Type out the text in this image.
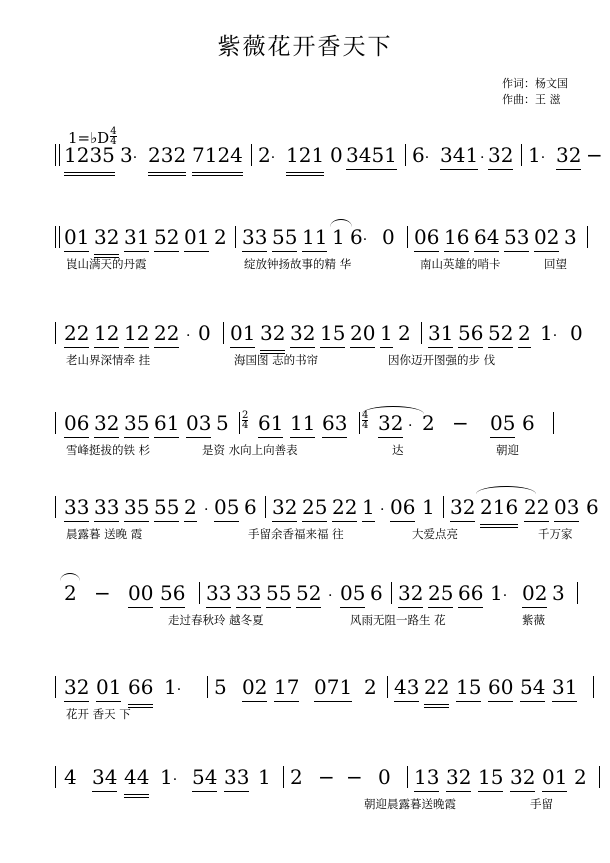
紫薇花开香天下
作词：杨文国
作曲：王 滋
1=♭D $\frac{4}{4}$
1235 3· 232 7124 2· 121 0 3451 6· 341 · 32 1· 32 −
01 32 31 52 01 2 33 55 11 1 6· 0 06 16 64 53 02 3
崀山满天的丹霞	绽放钟扬故事的精 华	南山英雄的哨卡	回望
22 12 12 22 · 0 01 32 32 15 20 1 2 31 56 52 2 1· 0
老山界深情牵 挂	海国图 志的书帘	因你迈开图强的步 伐
06 32 35 61 03 $5 \frac{2}{4} 61$ 11 $63 \frac{4}{4} 32 \cdot 2 - 05$ 6
雪峰挺拔的铁 杉	是资 水向上向善表	达	朝迎
33 33 35 55 2 · 05 6 32 25 22 1 · 06 1 32 216 22 03 6
晨露暮 送晚 霞	手留余香福来福 往	大爱点亮	千万家
2 − 00 56 33 33 55 52 · 05 6 32 25 66 1· 02 3
走过春秋玲 越冬夏	风雨无阻一路生 花	紫薇
32 01 66 1· 5 02 17 071 2 43 22 15 60 54 31
花开 香天 下
4 34 44 1· 54 33 1 2 − − 0 13 32 15 32 01 2
朝迎晨露暮送晚霞	手留
